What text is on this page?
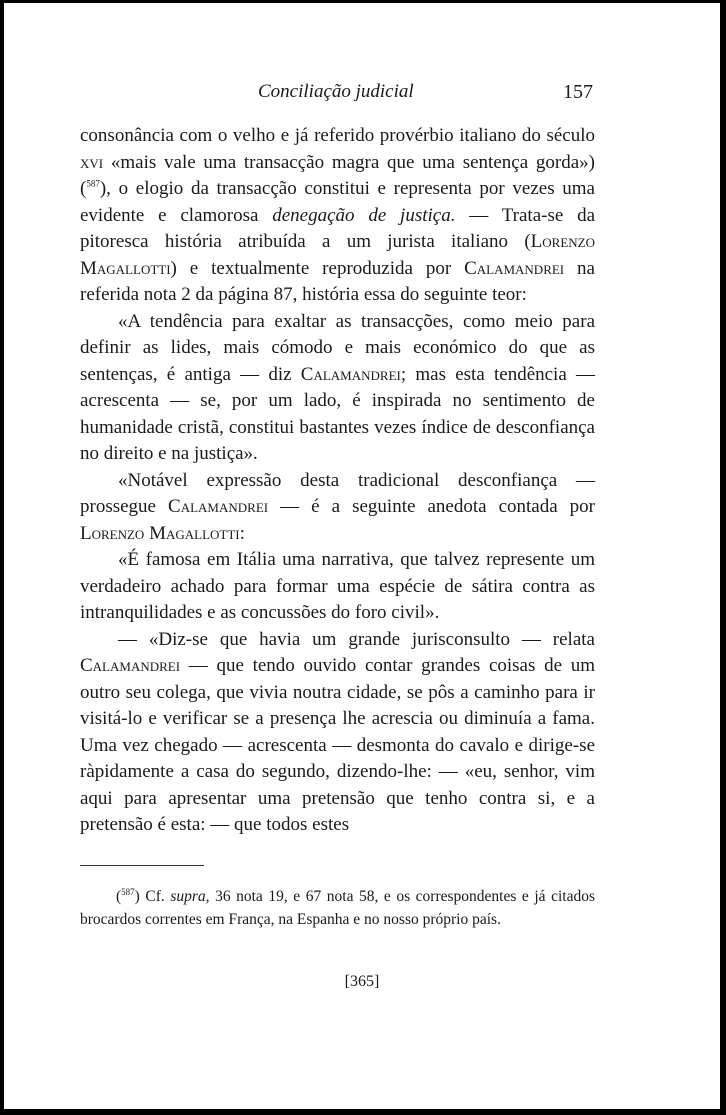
Conciliação judicial	157

consonância com o velho e já referido provérbio italiano do século xvi «mais vale uma transacção magra que uma sentença gorda») ($^{587}$), o elogio da transacção constitui e representa por vezes uma evidente e clamorosa denegação de justiça. — Trata-se da pitoresca história atribuída a um jurista italiano (Lorenzo Magallotti) e textualmente reproduzida por Calamandrei na referida nota 2 da página 87, história essa do seguinte teor:

«A tendência para exaltar as transacções, como meio para definir as lides, mais cómodo e mais económico do que as sentenças, é antiga — diz Calamandrei; mas esta tendência — acrescenta — se, por um lado, é inspirada no sentimento de humanidade cristã, constitui bastantes vezes índice de desconfiança no direito e na justiça».

«Notável expressão desta tradicional desconfiança — prossegue Calamandrei — é a seguinte anedota contada por Lorenzo Magallotti:

«É famosa em Itália uma narrativa, que talvez represente um verdadeiro achado para formar uma espécie de sátira contra as intranquilidades e as concussões do foro civil».

— «Diz-se que havia um grande jurisconsulto — relata Calamandrei — que tendo ouvido contar grandes coisas de um outro seu colega, que vivia noutra cidade, se pôs a caminho para ir visitá-lo e verificar se a presença lhe acrescia ou diminuía a fama. Uma vez chegado — acrescenta — desmonta do cavalo e dirige-se ràpidamente a casa do segundo, dizendo-lhe: — «eu, senhor, vim aqui para apresentar uma pretensão que tenho contra si, e a pretensão é esta: — que todos estes

($^{587}$) Cf. supra, 36 nota 19, e 67 nota 58, e os correspondentes e já citados brocardos correntes em França, na Espanha e no nosso próprio país.

[365]
